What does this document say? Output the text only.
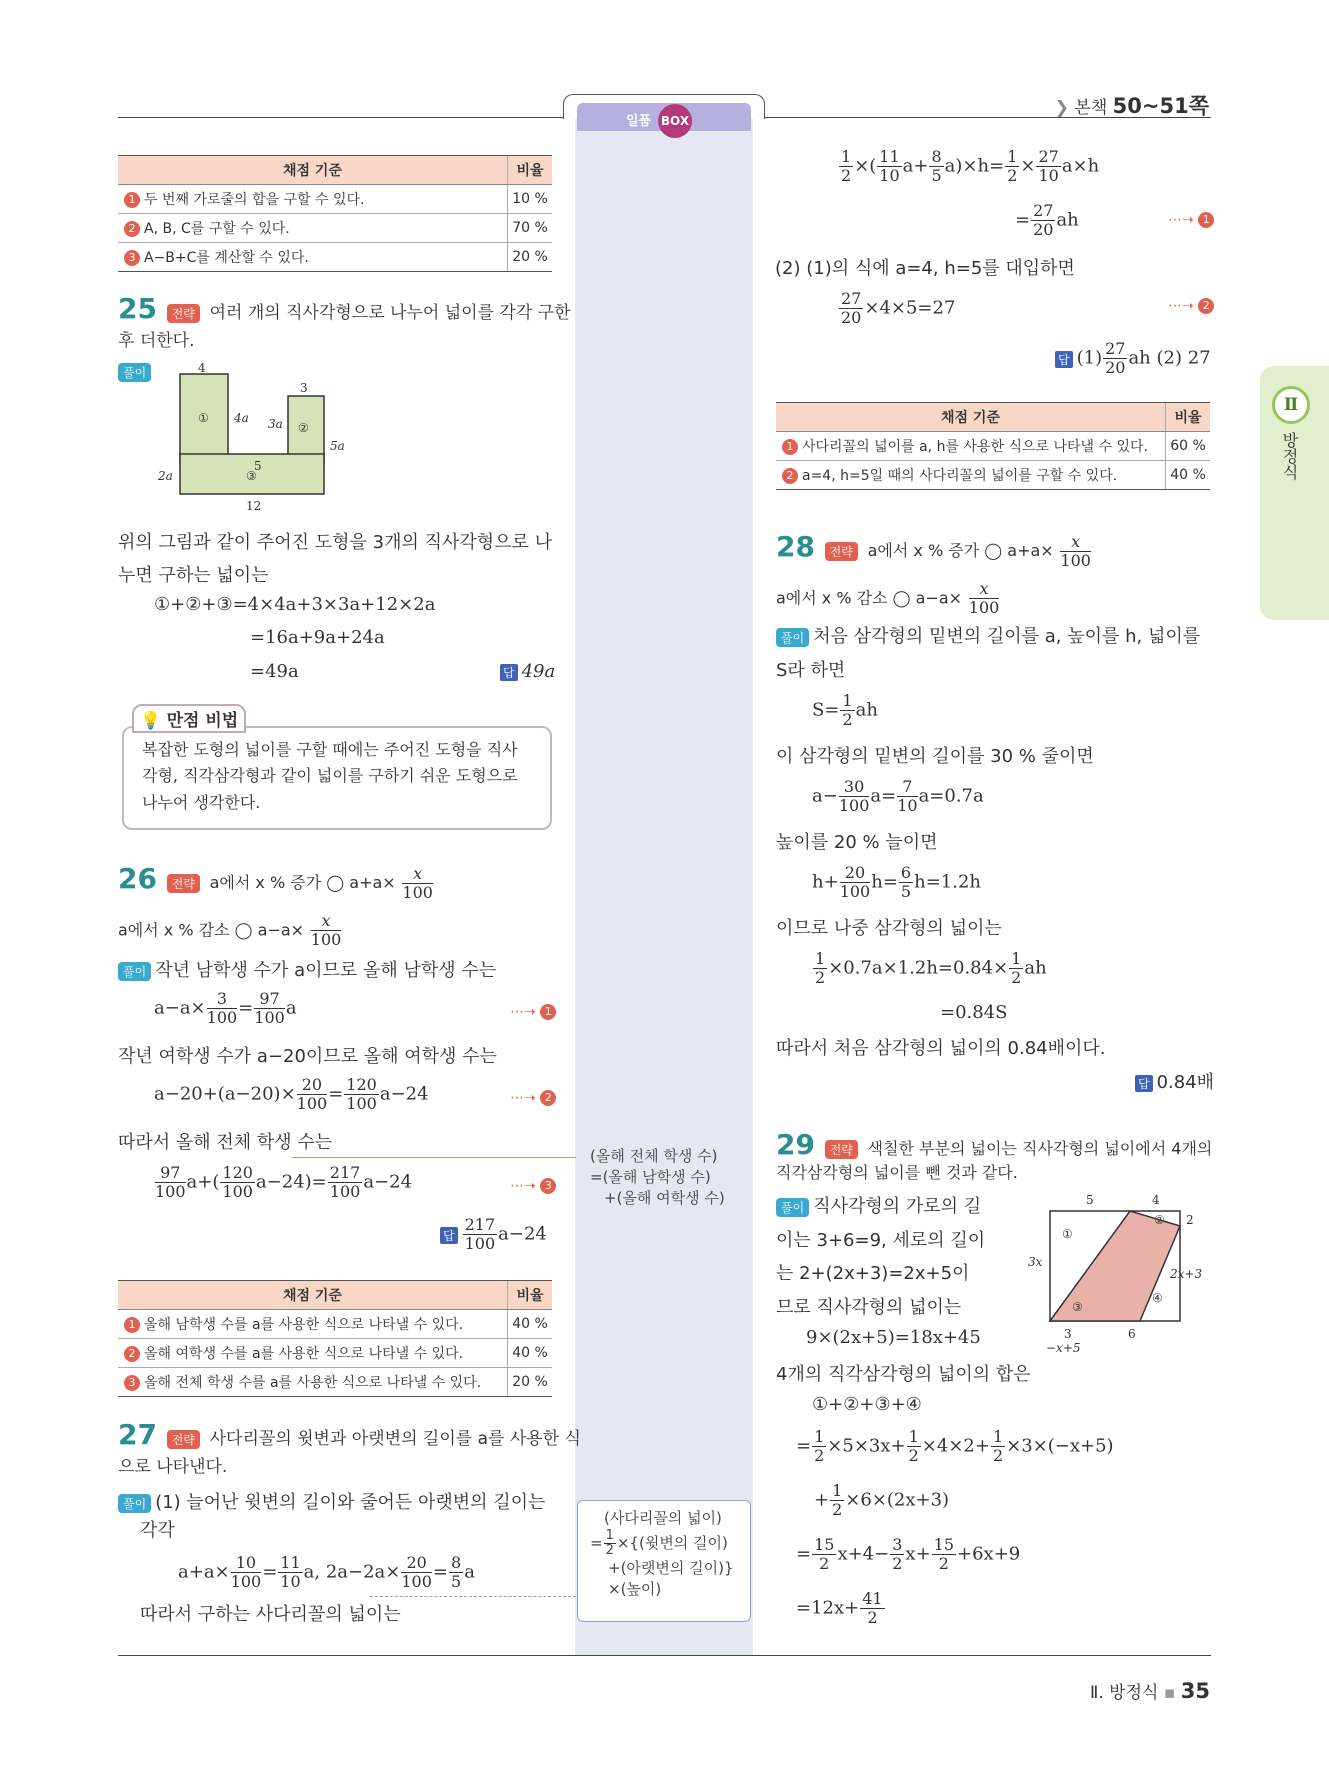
일품 BOX
❯ 본책 50~51쪽
Ⅱ
방정식
채점 기준	비율
1 두 번째 가로줄의 합을 구할 수 있다.	10 %
2 A, B, C를 구할 수 있다.	70 %
3 A−B+C를 계산할 수 있다.	20 %
25 전략 여러 개의 직사각형으로 나누어 넓이를 각각 구한
후 더한다.
풀이	4
3
4a 3a
5a
2a
5
12
①
②
③
위의 그림과 같이 주어진 도형을 3개의 직사각형으로 나
누면 구하는 넓이는
①+②+③=4×4a+3×3a+12×2a
=16a+9a+24a
=49a	답 49a
💡 만점 비법
복잡한 도형의 넓이를 구할 때에는 주어진 도형을 직사
각형, 직각삼각형과 같이 넓이를 구하기 쉬운 도형으로
나누어 생각한다.
26 전략 a에서 x % 증가 ◯ $a+a\times \frac{x}{100}$
a에서 x % 감소 ◯ $a-a\times \frac{x}{100}$
풀이 작년 남학생 수가 a이므로 올해 남학생 수는
$a-a\times \frac{3}{100} = \frac{97}{100}$ a	⋯➝ 1
작년 여학생 수가 a−20이므로 올해 여학생 수는
$a-20+(a-20)\times \frac{20}{100} = \frac{120}{100} a-24$	⋯➝ 2
따라서 올해 전체 학생 수는
$\frac{97}{100} a+( \frac{120}{100} a-24)= \frac{217}{100} a-24$	⋯➝ 3
답 $\frac{217}{100} a-24$
(올해 전체 학생 수)
=(올해 남학생 수)
+(올해 여학생 수)
채점 기준	비율
1 올해 남학생 수를 a를 사용한 식으로 나타낼 수 있다.	40 %
2 올해 여학생 수를 a를 사용한 식으로 나타낼 수 있다.	40 %
3 올해 전체 학생 수를 a를 사용한 식으로 나타낼 수 있다.	20 %
27 전략 사다리꼴의 윗변과 아랫변의 길이를 a를 사용한 식
으로 나타낸다.
풀이 (1) 늘어난 윗변의 길이와 줄어든 아랫변의 길이는
각각
$a+a\times \frac{10}{100} = \frac{11}{10} a$, $2a-2a\times \frac{20}{100} = \frac{8}{5}$ a
따라서 구하는 사다리꼴의 넓이는
(사다리꼴의 넓이)
= $\frac{1}{2}$ ×{(윗변의 길이)
+(아랫변의 길이)}
×(높이)
$\frac{1}{2}$ ×( $\frac{11}{10} a+ \frac{8}{5} a)\times h= \frac{1}{2} \times \frac{27}{10} a\times h$
= $\frac{27}{20}$ ah	⋯➝ 1
(2) (1)의 식에 a=4, h=5를 대입하면
$\frac{27}{20} \times 4\times 5=27$	⋯➝ 2
답 $(1) \frac{27}{20}$ ah (2) 27
채점 기준	비율
1 사다리꼴의 넓이를 a, h를 사용한 식으로 나타낼 수 있다.	60 %
2 a=4, h=5일 때의 사다리꼴의 넓이를 구할 수 있다.	40 %
28 전략 a에서 x % 증가 ◯ $a+a\times \frac{x}{100}$
a에서 x % 감소 ◯ $a-a\times \frac{x}{100}$
풀이 처음 삼각형의 밑변의 길이를 a, 높이를 h, 넓이를
S라 하면
$S= \frac{1}{2}$ ah
이 삼각형의 밑변의 길이를 30 % 줄이면
$a- \frac{30}{100} a= \frac{7}{10} a=0.7a$
높이를 20 % 늘이면
$h+ \frac{20}{100} h= \frac{6}{5} h=1.2h$
이므로 나중 삼각형의 넓이는
$\frac{1}{2} \times 0.7a\times 1.2h=0.84\times \frac{1}{2}$ ah
=0.84S
따라서 처음 삼각형의 넓이의 0.84배이다.
답 0.84배
29 전략 색칠한 부분의 넓이는 직사각형의 넓이에서 4개의
직각삼각형의 넓이를 뺀 것과 같다.
풀이 직사각형의 가로의 길
이는 3+6=9, 세로의 길이
는 2+(2x+3)=2x+5이
므로 직사각형의 넓이는
9×(2x+5)=18x+45
4개의 직각삼각형의 넓이의 합은
①+②+③+④
= $\frac{1}{2} \times 5\times 3x+ \frac{1}{2} \times 4\times 2+ \frac{1}{2} \times 3\times(-x+5)$
+ $\frac{1}{2} \times 6\times(2x+3)$
= $\frac{15}{2} x+4- \frac{3}{2} x+ \frac{15}{2} +6x+9$
$=12x+ \frac{41}{2}$
5	4
2
3x
2x+3
3	6
−x+5
①
②
③
④
Ⅱ. 방정식 ▪ 35
